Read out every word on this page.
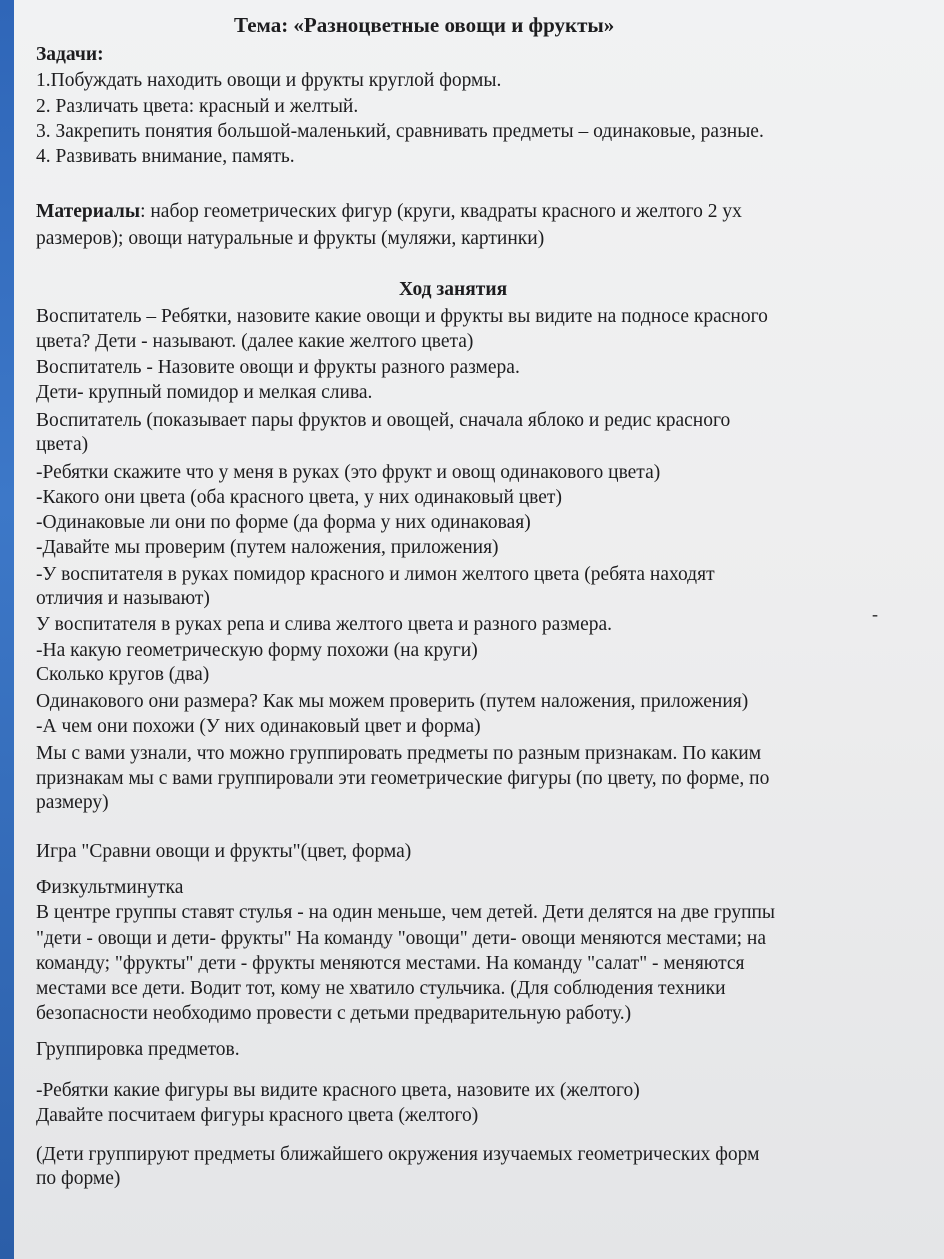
Тема: «Разноцветные овощи и фрукты»
Задачи:
1.Побуждать находить овощи и фрукты круглой формы.
2. Различать цвета: красный и желтый.
3. Закрепить понятия большой-маленький, сравнивать предметы – одинаковые, разные.
4. Развивать внимание, память.
Материалы: набор геометрических фигур (круги, квадраты красного и желтого 2 ух
размеров); овощи натуральные и фрукты (муляжи, картинки)
Ход занятия
Воспитатель – Ребятки, назовите какие овощи и фрукты вы видите на подносе красного
цвета? Дети - называют. (далее какие желтого цвета)
Воспитатель - Назовите овощи и фрукты разного размера.
Дети- крупный помидор и мелкая слива.
Воспитатель (показывает пары фруктов и овощей, сначала яблоко и редис красного
цвета)
-Ребятки скажите что у меня в руках (это фрукт и овощ одинакового цвета)
-Какого они цвета (оба красного цвета, у них одинаковый цвет)
-Одинаковые ли они по форме (да форма у них одинаковая)
-Давайте мы проверим (путем наложения, приложения)
-У воспитателя в руках помидор красного и лимон желтого цвета (ребята находят
отличия и называют)
У воспитателя в руках репа и слива желтого цвета и разного размера.
-На какую геометрическую форму похожи (на круги)
Сколько кругов (два)
Одинакового они размера? Как мы можем проверить (путем наложения, приложения)
-А чем они похожи (У них одинаковый цвет и форма)
Мы с вами узнали, что можно группировать предметы по разным признакам. По каким
признакам мы с вами группировали эти геометрические фигуры (по цвету, по форме, по
размеру)
Игра "Сравни овощи и фрукты"(цвет, форма)
Физкультминутка
В центре группы ставят стулья - на один меньше, чем детей. Дети делятся на две группы
"дети - овощи и дети- фрукты" На команду "овощи" дети- овощи меняются местами; на
команду; "фрукты" дети - фрукты меняются местами. На команду "салат" - меняются
местами все дети. Водит тот, кому не хватило стульчика. (Для соблюдения техники
безопасности необходимо провести с детьми предварительную работу.)
Группировка предметов.
-Ребятки какие фигуры вы видите красного цвета, назовите их (желтого)
Давайте посчитаем фигуры красного цвета (желтого)
(Дети группируют предметы ближайшего окружения изучаемых геометрических форм
по форме)
-
